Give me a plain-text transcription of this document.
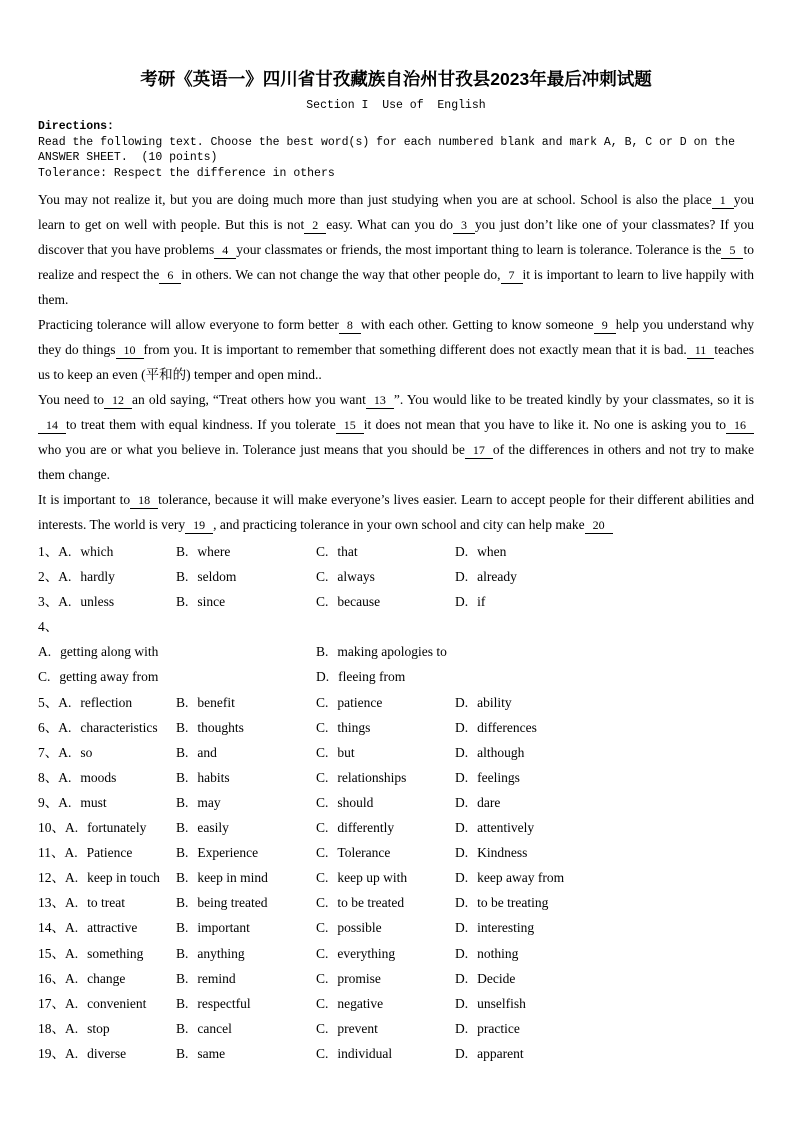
考研《英语一》四川省甘孜藏族自治州甘孜县2023年最后冲刺试题
Section I  Use of  English
Directions:
Read the following text. Choose the best word(s) for each numbered blank and mark A, B, C or D on the ANSWER SHEET.  (10 points)
Tolerance: Respect the difference in others

You may not realize it, but you are doing much more than just studying when you are at school. School is also the place 1 you learn to get on well with people. But this is not 2 easy. What can you do 3 you just don’t like one of your classmates? If you discover that you have problems 4 your classmates or friends, the most important thing to learn is tolerance. Tolerance is the 5 to realize and respect the 6 in others. We can not change the way that other people do, 7 it is important to learn to live happily with them.

Practicing tolerance will allow everyone to form better 8 with each other. Getting to know someone 9 help you understand why they do things 10 from you. It is important to remember that something different does not exactly mean that it is bad. 11 teaches us to keep an even (平和的) temper and open mind..

You need to 12 an old saying, “Treat others how you want 13 ”. You would like to be treated kindly by your classmates, so it is14 to treat them with equal kindness. If you tolerate 15 it does not mean that you have to like it. No one is asking you to 16who you are or what you believe in. Tolerance just means that you should be 17 of the differences in others and not try to make them change.

It is important to 18 tolerance, because it will make everyone’s lives easier. Learn to accept people for their different abilities and interests. The world is very 19 , and practicing tolerance in your own school and city can help make 20

1、A. which	B. where	C. that	D. when
2、A. hardly	B. seldom	C. always	D. already
3、A. unless	B. since	C. because	D. if
4、
A. getting along with	B. making apologies to
C. getting away from	D. fleeing from
5、A. reflection	B. benefit	C. patience	D. ability
6、A. characteristics	B. thoughts	C. things	D. differences
7、A. so	B. and	C. but	D. although
8、A. moods	B. habits	C. relationships	D. feelings
9、A. must	B. may	C. should	D. dare
10、A. fortunately	B. easily	C. differently	D. attentively
11、A. Patience	B. Experience	C. Tolerance	D. Kindness
12、A. keep in touch	B. keep in mind	C. keep up with	D. keep away from
13、A. to treat	B. being treated	C. to be treated	D. to be treating
14、A. attractive	B. important	C. possible	D. interesting
15、A. something	B. anything	C. everything	D. nothing
16、A. change	B. remind	C. promise	D. Decide
17、A. convenient	B. respectful	C. negative	D. unselfish
18、A. stop	B. cancel	C. prevent	D. practice
19、A. diverse	B. same	C. individual	D. apparent
